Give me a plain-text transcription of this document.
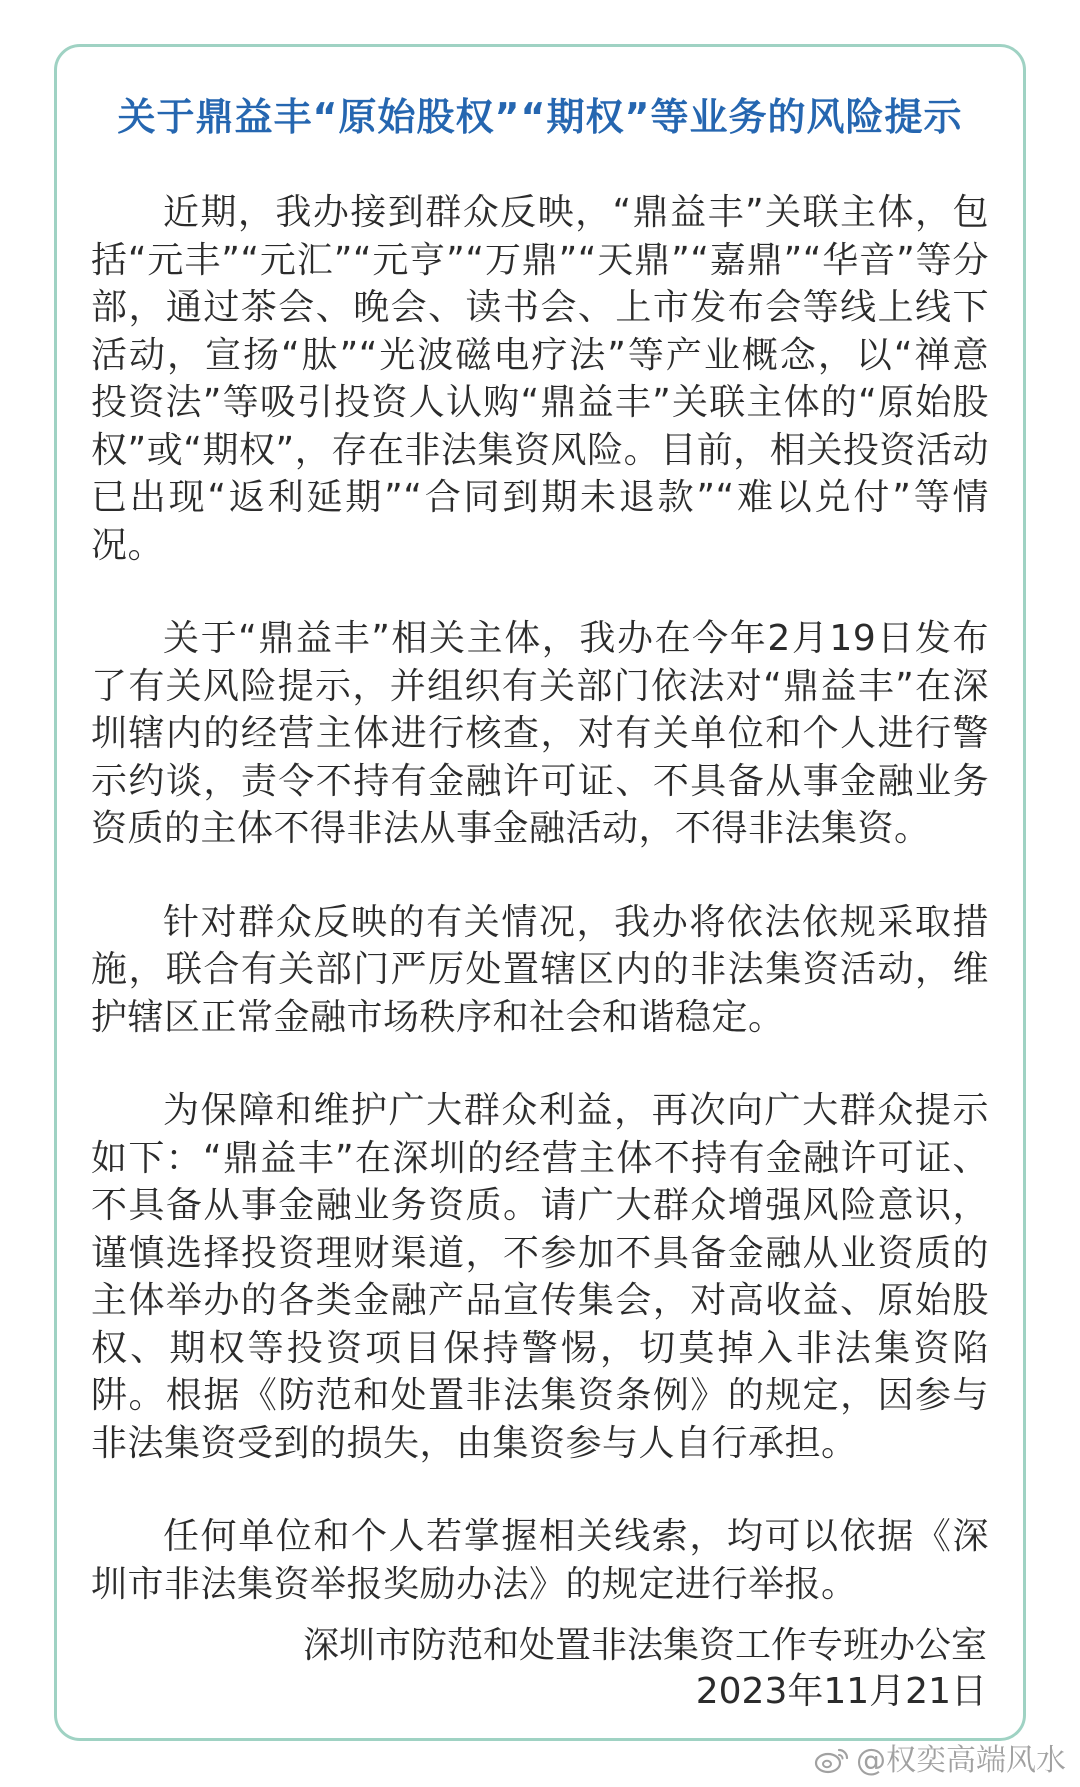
关于鼎益丰“原始股权”“期权”等业务的风险提示

近期，我办接到群众反映，“鼎益丰”关联主体，包括“元丰”“元汇”“元亨”“万鼎”“天鼎”“嘉鼎”“华音”等分部，通过茶会、晚会、读书会、上市发布会等线上线下活动，宣扬“肽”“光波磁电疗法”等产业概念，以“禅意投资法”等吸引投资人认购“鼎益丰”关联主体的“原始股权”或“期权”，存在非法集资风险。目前，相关投资活动已出现“返利延期”“合同到期未退款”“难以兑付”等情况。

关于“鼎益丰”相关主体，我办在今年2月19日发布了有关风险提示，并组织有关部门依法对“鼎益丰”在深圳辖内的经营主体进行核查，对有关单位和个人进行警示约谈，责令不持有金融许可证、不具备从事金融业务资质的主体不得非法从事金融活动，不得非法集资。

针对群众反映的有关情况，我办将依法依规采取措施，联合有关部门严厉处置辖区内的非法集资活动，维护辖区正常金融市场秩序和社会和谐稳定。

为保障和维护广大群众利益，再次向广大群众提示如下：“鼎益丰”在深圳的经营主体不持有金融许可证、不具备从事金融业务资质。请广大群众增强风险意识，谨慎选择投资理财渠道，不参加不具备金融从业资质的主体举办的各类金融产品宣传集会，对高收益、原始股权、期权等投资项目保持警惕，切莫掉入非法集资陷阱。根据《防范和处置非法集资条例》的规定，因参与非法集资受到的损失，由集资参与人自行承担。

任何单位和个人若掌握相关线索，均可以依据《深圳市非法集资举报奖励办法》的规定进行举报。

深圳市防范和处置非法集资工作专班办公室
2023年11月21日
@权奕高端风水
